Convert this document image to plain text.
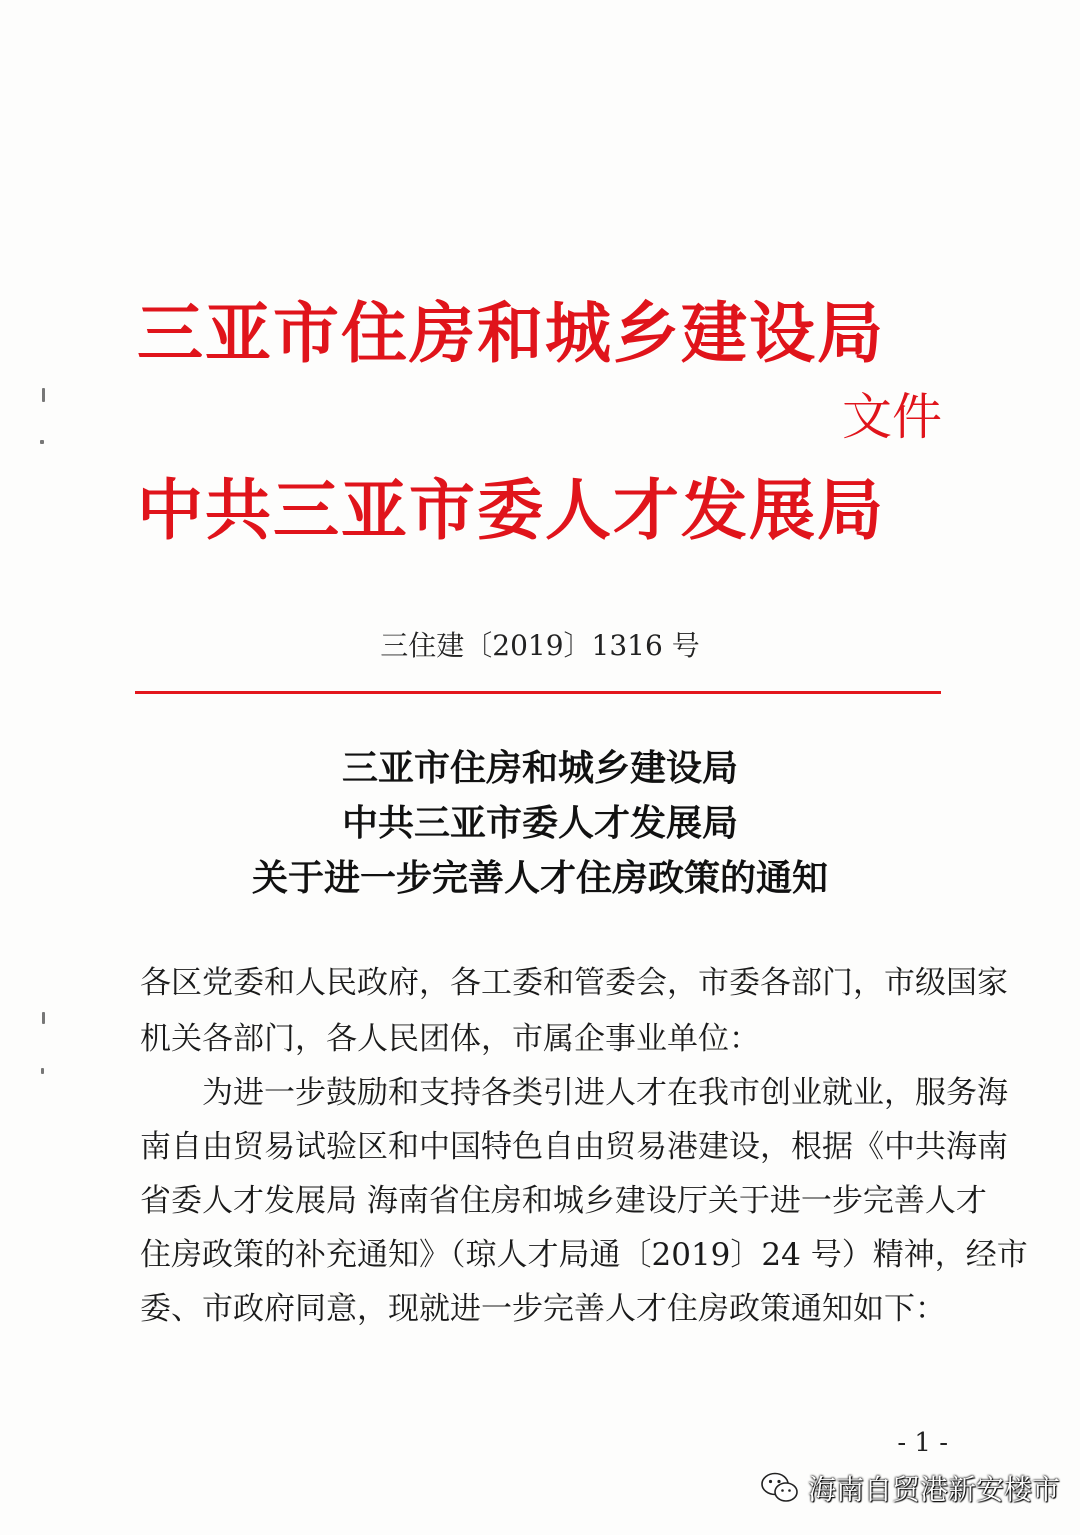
三亚市住房和城乡建设局
文件
中共三亚市委人才发展局
三住建〔2019〕1316 号
三亚市住房和城乡建设局
中共三亚市委人才发展局
关于进一步完善人才住房政策的通知
各区党委和人民政府，各工委和管委会，市委各部门，市级国家
机关各部门，各人民团体，市属企事业单位：
为进一步鼓励和支持各类引进人才在我市创业就业，服务海
南自由贸易试验区和中国特色自由贸易港建设，根据《中共海南
省委人才发展局 海南省住房和城乡建设厅关于进一步完善人才
住房政策的补充通知》（琼人才局通〔2019〕24 号）精神，经市
委、市政府同意，现就进一步完善人才住房政策通知如下：
- 1 -
海南自贸港新安楼市
